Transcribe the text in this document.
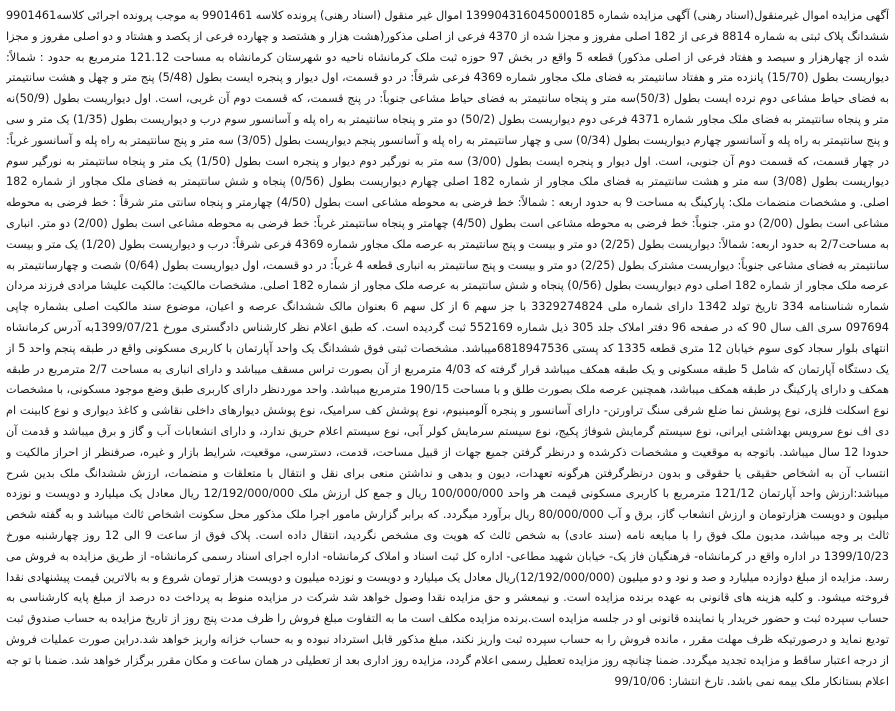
آگهی مزایده اموال غیرمنقول(اسناد رهنی) آگهی مزایده شماره 139904316045000185 اموال غیر منقول (اسناد رهنی) پرونده کلاسه 9901461 به موجب پرونده اجرائی کلاسه9901461 ششدانگ پلاک ثبتی به شماره 8814 فرعی از 182 اصلی مفروز و مجزا شده از 4370 فرعی از اصلی مذکور(هشت هزار و هشتصد و چهارده فرعی از یکصد و هشتاد و دو اصلی مفروز و مجزا شده از چهارهزار و سیصد و هفتاد فرعی از اصلی مذکور) قطعه 5 واقع در بخش 97 حوزه ثبت ملک کرمانشاه ناحیه دو شهرستان کرمانشاه به مساحت 121.12 مترمربع به حدود : شمالاً: دیواریست بطول (15/70) پانزده متر و هفتاد سانتیمتر به فضای ملک مجاور شماره 4369 فرعی شرقاً: در دو قسمت، اول دیوار و پنجره ایست بطول (5/48) پنج متر و چهل و هشت سانتیمتر به فضای حیاط مشاعی دوم نرده ایست بطول (50/3)سه متر و پنجاه سانتیمتر به فضای حیاط مشاعی جنوباً: در پنج قسمت، که قسمت دوم آن غربی، است. اول دیواریست بطول (50/9)نه متر و پنجاه سانتیمتر به فضای ملک مجاور شماره 4371 فرعی دوم دیواریست بطول (50/2) دو متر و پنجاه سانتیمتر به راه پله و آسانسور سوم درب و دیواریست بطول (1/35) یک متر و سی و پنج سانتیمتر به راه پله و آسانسور چهارم دیواریست بطول (0/34) سی و چهار سانتیمتر به راه پله و آسانسور پنجم دیواریست بطول (3/05) سه متر و پنج سانتیمتر به راه پله و آسانسور غرباً: در چهار قسمت، که قسمت دوم آن جنوبی، است. اول دیوار و پنجره ایست بطول (3/00) سه متر به نورگیر دوم دیوار و پنجره است بطول (1/50) یک متر و پنجاه سانتیمتر به نورگیر سوم دیواریست بطول (3/08) سه متر و هشت سانتیمتر به فضای ملک مجاور از شماره 182 اصلی چهارم دیواریست بطول (0/56) پنجاه و شش سانتیمتر به فضای ملک مجاور از شماره 182 اصلی. و مشخصات منضمات ملک: پارکینگ به مساحت 9 به حدود اربعه : شمالاً: خط فرضی به محوطه مشاعی است بطول (4/50) چهارمتر و پنجاه سانتی متر شرقاً : خط فرضی به محوطه مشاعی است بطول (2/00) دو متر. جنوباً: خط فرضی به محوطه مشاعی است بطول (4/50) چهامتر و پنجاه سانتیمتر غرباً: خط فرضی به محوطه مشاعی است بطول (2/00) دو متر. انباری به مساحت2/7 به حدود اربعه: شمالاً: دیواریست بطول (2/25) دو متر و بیست و پنج سانتیمتر به عرصه ملک مجاور شماره 4369 فرعی شرقاً: درب و دیواریست بطول (1/20) یک متر و بیست سانتیمتر به فضای مشاعی جنوباً: دیواریست مشترک بطول (2/25) دو متر و بیست و پنج سانتیمتر به انباری قطعه 4 غرباً: در دو قسمت، اول دیواریست بطول (0/64) شصت و چهارسانتیمتر به عرصه ملک مجاور از شماره 182 اصلی دوم دیواریست بطول (0/56) پنجاه و شش سانتیمتر به عرصه ملک مجاور از شماره 182 اصلی. مشخصات مالکیت: مالکیت علیشا مرادی فرزند مردان شماره شناسنامه 334 تاریخ تولد 1342 دارای شماره ملی 3329274824 با جز سهم 6 از کل سهم 6 بعنوان مالک ششدانگ عرصه و اعیان، موضوع سند مالکیت اصلی بشماره چاپی 097694 سری الف سال 90 که در صفحه 96 دفتر املاک جلد 305 ذیل شماره 552169 ثبت گردیده است. که طبق اعلام نظر کارشناس دادگستری مورخ 1399/07/21به آدرس کرمانشاه انتهای بلوار سجاد کوی سوم خیابان 12 متری قطعه 1335 کد پستی 6818947536میباشد. مشخصات ثبتی فوق ششدانگ یک واحد آپارتمان با کاربری مسکونی واقع در طبقه پنجم واحد 5 از یک دستگاه آپارتمان که شامل 5 طبقه مسکونی و یک طبقه همکف میباشد قرار گرفته که 4/03 مترمربع از آن بصورت تراس مسقف میباشد و دارای انباری به مساحت 2/7 مترمربع در طبقه همکف و دارای پارکینگ در طبقه همکف میباشد، همچنین عرصه ملک بصورت طلق و با مساحت 190/15 مترمربع میباشد. واحد موردنظر دارای کاربری طبق وضع موجود مسکونی، با مشخصات نوع اسکلت فلزی، نوع پوشش نما ضلع شرقی سنگ تراورتن- دارای آسانسور و پنجره آلومینیوم، نوع پوشش کف سرامیک، نوع پوشش دیوارهای داخلی نقاشی و کاغذ دیواری و نوع کابینت ام دی اف نوع سرویس بهداشتی ایرانی، نوع سیستم گرمایش شوفاژ پکیج، نوع سیستم سرمایش کولر آبی، نوع سیستم اعلام حریق ندارد، و دارای انشعابات آب و گاز و برق میباشد و قدمت آن حدودا 12 سال میباشد. باتوجه به موقعیت و مشخصات ذکرشده و درنظر گرفتن جمیع جهات از قبیل مساحت، قدمت، دسترسی، موقعیت، شرایط بازار و غیره، صرفنظر از احراز مالکیت و انتساب آن به اشخاص حقیقی یا حقوقی و بدون درنظرگرفتن هرگونه تعهدات، دیون و بدهی و نداشتن منعی برای نقل و انتقال با متعلقات و منضمات، ارزش ششدانگ ملک بدین شرح میباشد:ارزش واحد آپارتمان 121/12 مترمربع با کاربری مسکونی قیمت هر واحد 100/000/000 ریال و جمع کل ارزش ملک 12/192/000/000 ریال معادل یک میلیارد و دویست و نوزده میلیون و دویست هزارتومان و ارزش انشعاب گاز، برق و آب 80/000/000 ریال برآورد میگردد. که برابر گزارش مامور اجرا ملک مذکور محل سکونت اشخاص ثالث میباشد و به گفته شخص ثالث بر وجه میباشد، مدیون ملک فوق را با مبایعه نامه (سند عادی) به شخص ثالث که هویت وی مشخص نگردید، انتقال داده است. پلاک فوق از ساعت 9 الی 12 روز چهارشنبه مورخ 1399/10/23 در اداره واقع در کرمانشاه- فرهنگیان فاز یک- خیابان شهید مطاعی- اداره کل ثبت اسناد و املاک کرمانشاه- اداره اجرای اسناد رسمی کرمانشاه- از طریق مزایده به فروش می رسد. مزایده از مبلغ دوازده میلیارد و صد و نود و دو میلیون (12/192/000/000)ریال معادل یک میلیارد و دویست و نوزده میلیون و دویست هزار تومان شروع و به بالاترین قیمت پیشنهادی نقدا فروخته میشود. و کلیه هزینه های قانونی به عهده برنده مزایده است. و نیمعشر و حق مزایده نقدا وصول خواهد شد شرکت در مزایده منوط به پرداخت ده درصد از مبلغ پایه کارشناسی به حساب سپرده ثبت و حضور خریدار یا نماینده قانونی او در جلسه مزایده است.برنده مزایده مکلف است ما به التفاوت مبلغ فروش را ظرف مدت پنج روز از تاریخ مزایده به حساب صندوق ثبت توديع نمايد و درصورتيكه ظرف مهلت مقرر ، مانده فروش را به حساب سپرده ثبت واریز نکند، مبلغ مذکور قابل استرداد نبوده و به حساب خزانه واریز خواهد شد.دراین صورت عملیات فروش از درجه اعتبار ساقط و مزایده تجدید میگردد. ضمنا چنانچه روز مزایده تعطیل رسمی اعلام گردد، مزایده روز اداری بعد از تعطیلی در همان ساعت و مکان مقرر برگزار خواهد شد. ضمنا با تو جه اعلام بستانکار ملک بیمه نمی باشد. تارخ انتشار: 99/10/06
